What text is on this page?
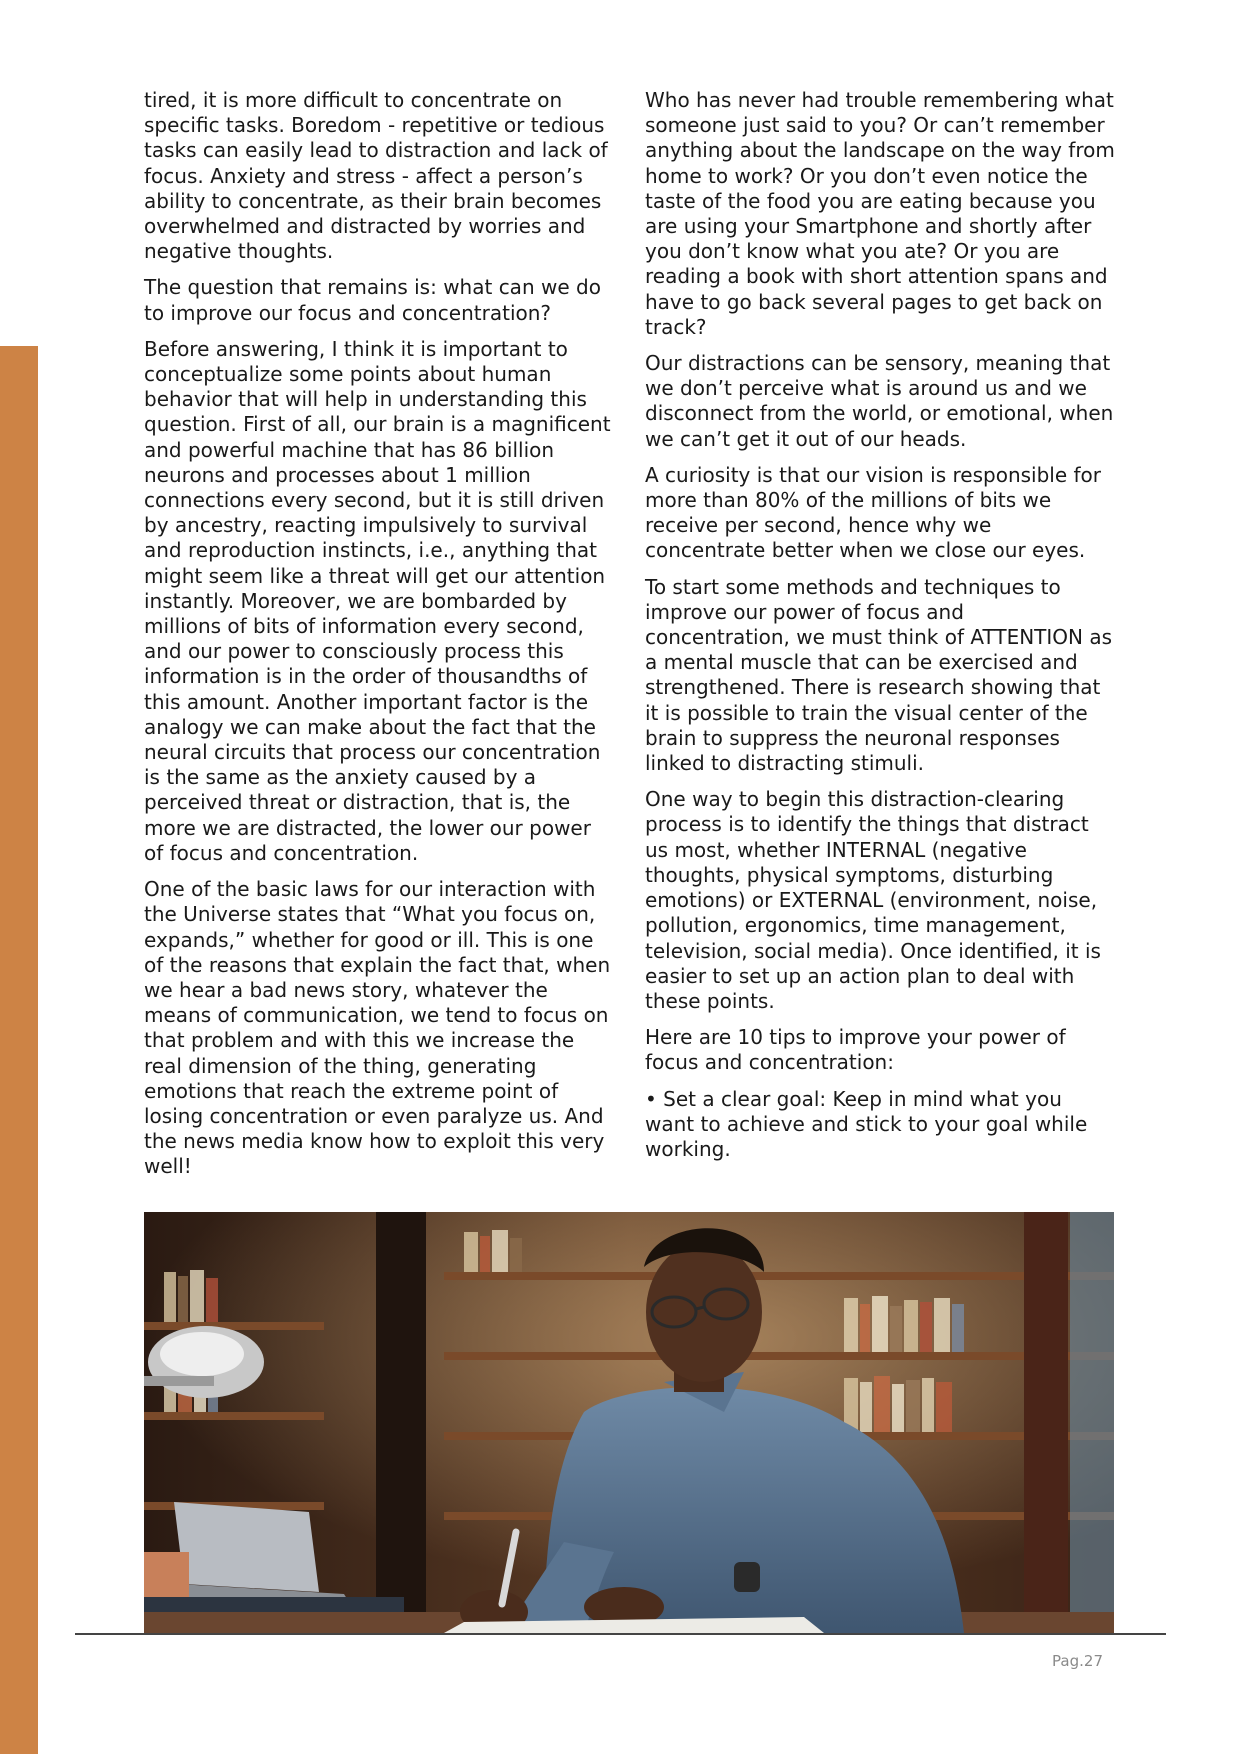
tired, it is more difficult to concentrate on specific tasks. Boredom - repetitive or tedious tasks can easily lead to distraction and lack of focus. Anxiety and stress - affect a person’s ability to concentrate, as their brain becomes overwhelmed and distracted by worries and negative thoughts.

The question that remains is: what can we do to improve our focus and concentration?

Before answering, I think it is important to conceptualize some points about human behavior that will help in understanding this question. First of all, our brain is a magnificent and powerful machine that has 86 billion neurons and processes about 1 million connections every second, but it is still driven by ancestry, reacting impulsively to survival and reproduction instincts, i.e., anything that might seem like a threat will get our attention instantly. Moreover, we are bombarded by millions of bits of information every second, and our power to consciously process this information is in the order of thousandths of this amount. Another important factor is the analogy we can make about the fact that the neural circuits that process our concentration is the same as the anxiety caused by a perceived threat or distraction, that is, the more we are distracted, the lower our power of focus and concentration.

One of the basic laws for our interaction with the Universe states that “What you focus on, expands,” whether for good or ill. This is one of the reasons that explain the fact that, when we hear a bad news story, whatever the means of communication, we tend to focus on that problem and with this we increase the real dimension of the thing, generating emotions that reach the extreme point of losing concentration or even paralyze us. And the news media know how to exploit this very well!

Who has never had trouble remembering what someone just said to you? Or can’t remember anything about the landscape on the way from home to work? Or you don’t even notice the taste of the food you are eating because you are using your Smartphone and shortly after you don’t know what you ate? Or you are reading a book with short attention spans and have to go back several pages to get back on track?

Our distractions can be sensory, meaning that we don’t perceive what is around us and we disconnect from the world, or emotional, when we can’t get it out of our heads.

A curiosity is that our vision is responsible for more than 80% of the millions of bits we receive per second, hence why we concentrate better when we close our eyes.

To start some methods and techniques to improve our power of focus and concentration, we must think of ATTENTION as a mental muscle that can be exercised and strengthened. There is research showing that it is possible to train the visual center of the brain to suppress the neuronal responses linked to distracting stimuli.

One way to begin this distraction-clearing process is to identify the things that distract us most, whether INTERNAL (negative thoughts, physical symptoms, disturbing emotions) or EXTERNAL (environment, noise, pollution, ergonomics, time management, television, social media). Once identified, it is easier to set up an action plan to deal with these points.

Here are 10 tips to improve your power of focus and concentration:

• Set a clear goal: Keep in mind what you want to achieve and stick to your goal while working.

Pag.27
